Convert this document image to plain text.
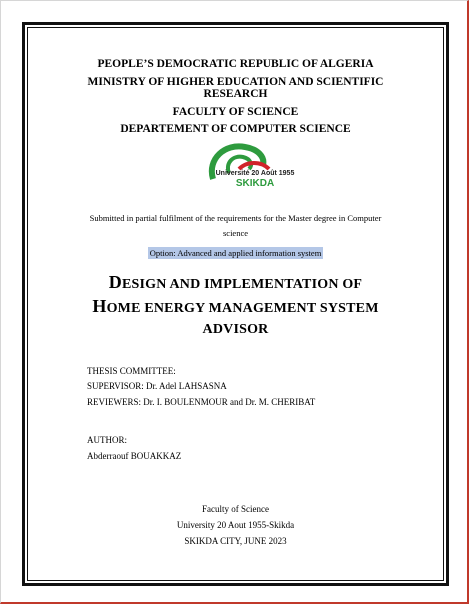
PEOPLE’S DEMOCRATIC REPUBLIC OF ALGERIA
MINISTRY OF HIGHER EDUCATION AND SCIENTIFIC
RESEARCH
FACULTY OF SCIENCE
DEPARTEMENT OF COMPUTER SCIENCE
Université 20 Août 1955
SKIKDA
Submitted in partial fulfilment of the requirements for the Master degree in Computer
science
Option: Advanced and applied information system
DESIGN AND IMPLEMENTATION OF
HOME ENERGY MANAGEMENT SYSTEM
ADVISOR
THESIS COMMITTEE:
SUPERVISOR: Dr. Adel LAHSASNA
REVIEWERS: Dr. I. BOULENMOUR and Dr. M. CHERIBAT
AUTHOR:
Abderraouf BOUAKKAZ
Faculty of Science
University 20 Aout 1955-Skikda
SKIKDA CITY, JUNE 2023
